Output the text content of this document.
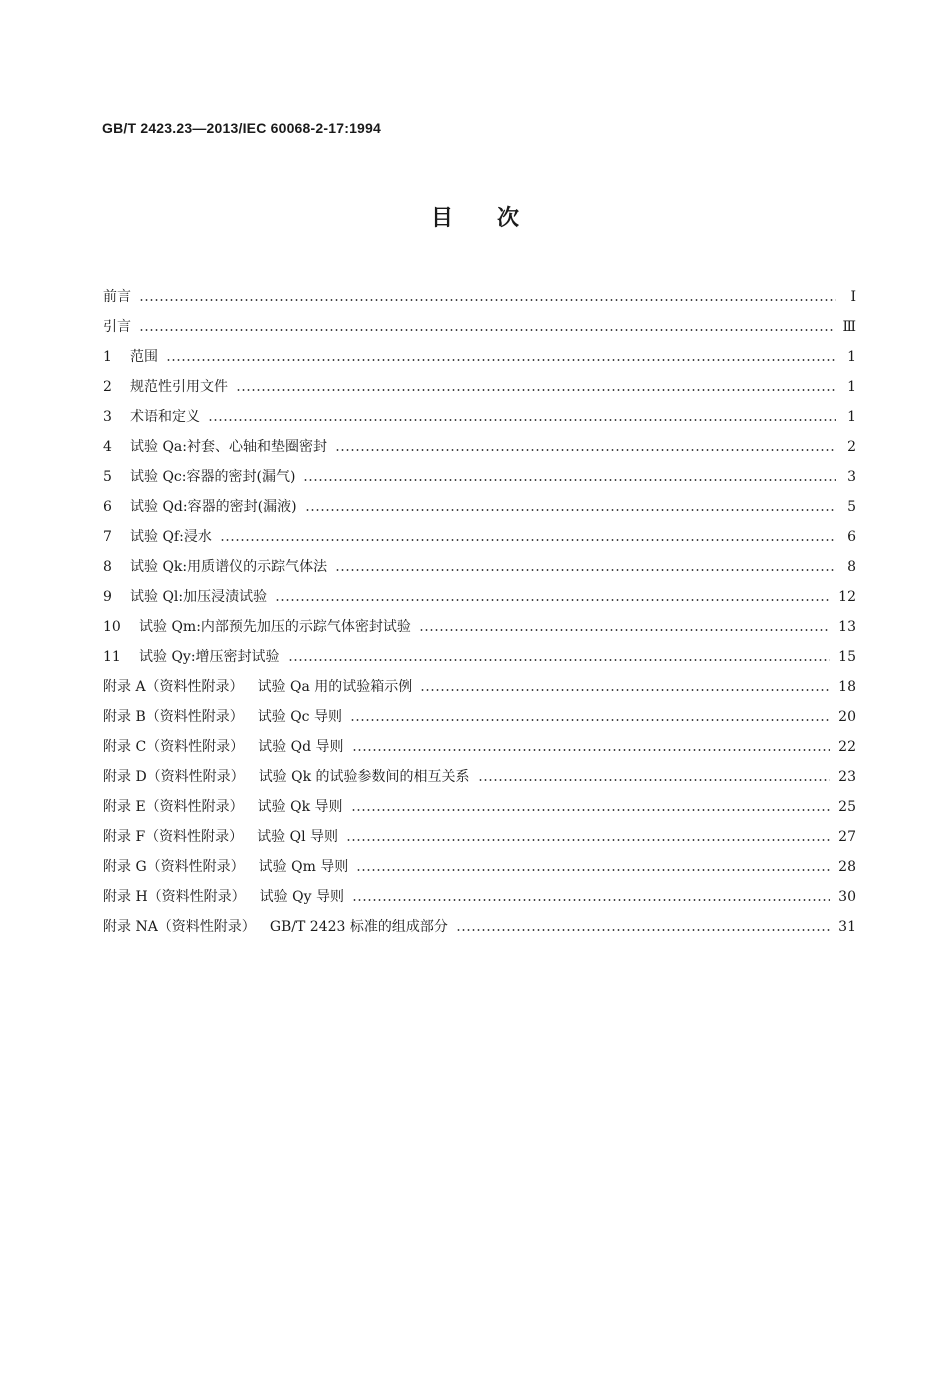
GB/T 2423.23—2013/IEC 60068-2-17:1994
目次
前言	Ⅰ
引言	Ⅲ
1 范围	1
2 规范性引用文件	1
3 术语和定义	1
4 试验 Qa:衬套、心轴和垫圈密封	2
5 试验 Qc:容器的密封(漏气)	3
6 试验 Qd:容器的密封(漏液)	5
7 试验 Qf:浸水	6
8 试验 Qk:用质谱仪的示踪气体法	8
9 试验 Ql:加压浸渍试验	12
10 试验 Qm:内部预先加压的示踪气体密封试验	13
11 试验 Qy:增压密封试验	15
附录 A（资料性附录） 试验 Qa 用的试验箱示例	18
附录 B（资料性附录） 试验 Qc 导则	20
附录 C（资料性附录） 试验 Qd 导则	22
附录 D（资料性附录） 试验 Qk 的试验参数间的相互关系	23
附录 E（资料性附录） 试验 Qk 导则	25
附录 F（资料性附录） 试验 Ql 导则	27
附录 G（资料性附录） 试验 Qm 导则	28
附录 H（资料性附录） 试验 Qy 导则	30
附录 NA（资料性附录） GB/T 2423 标准的组成部分	31
